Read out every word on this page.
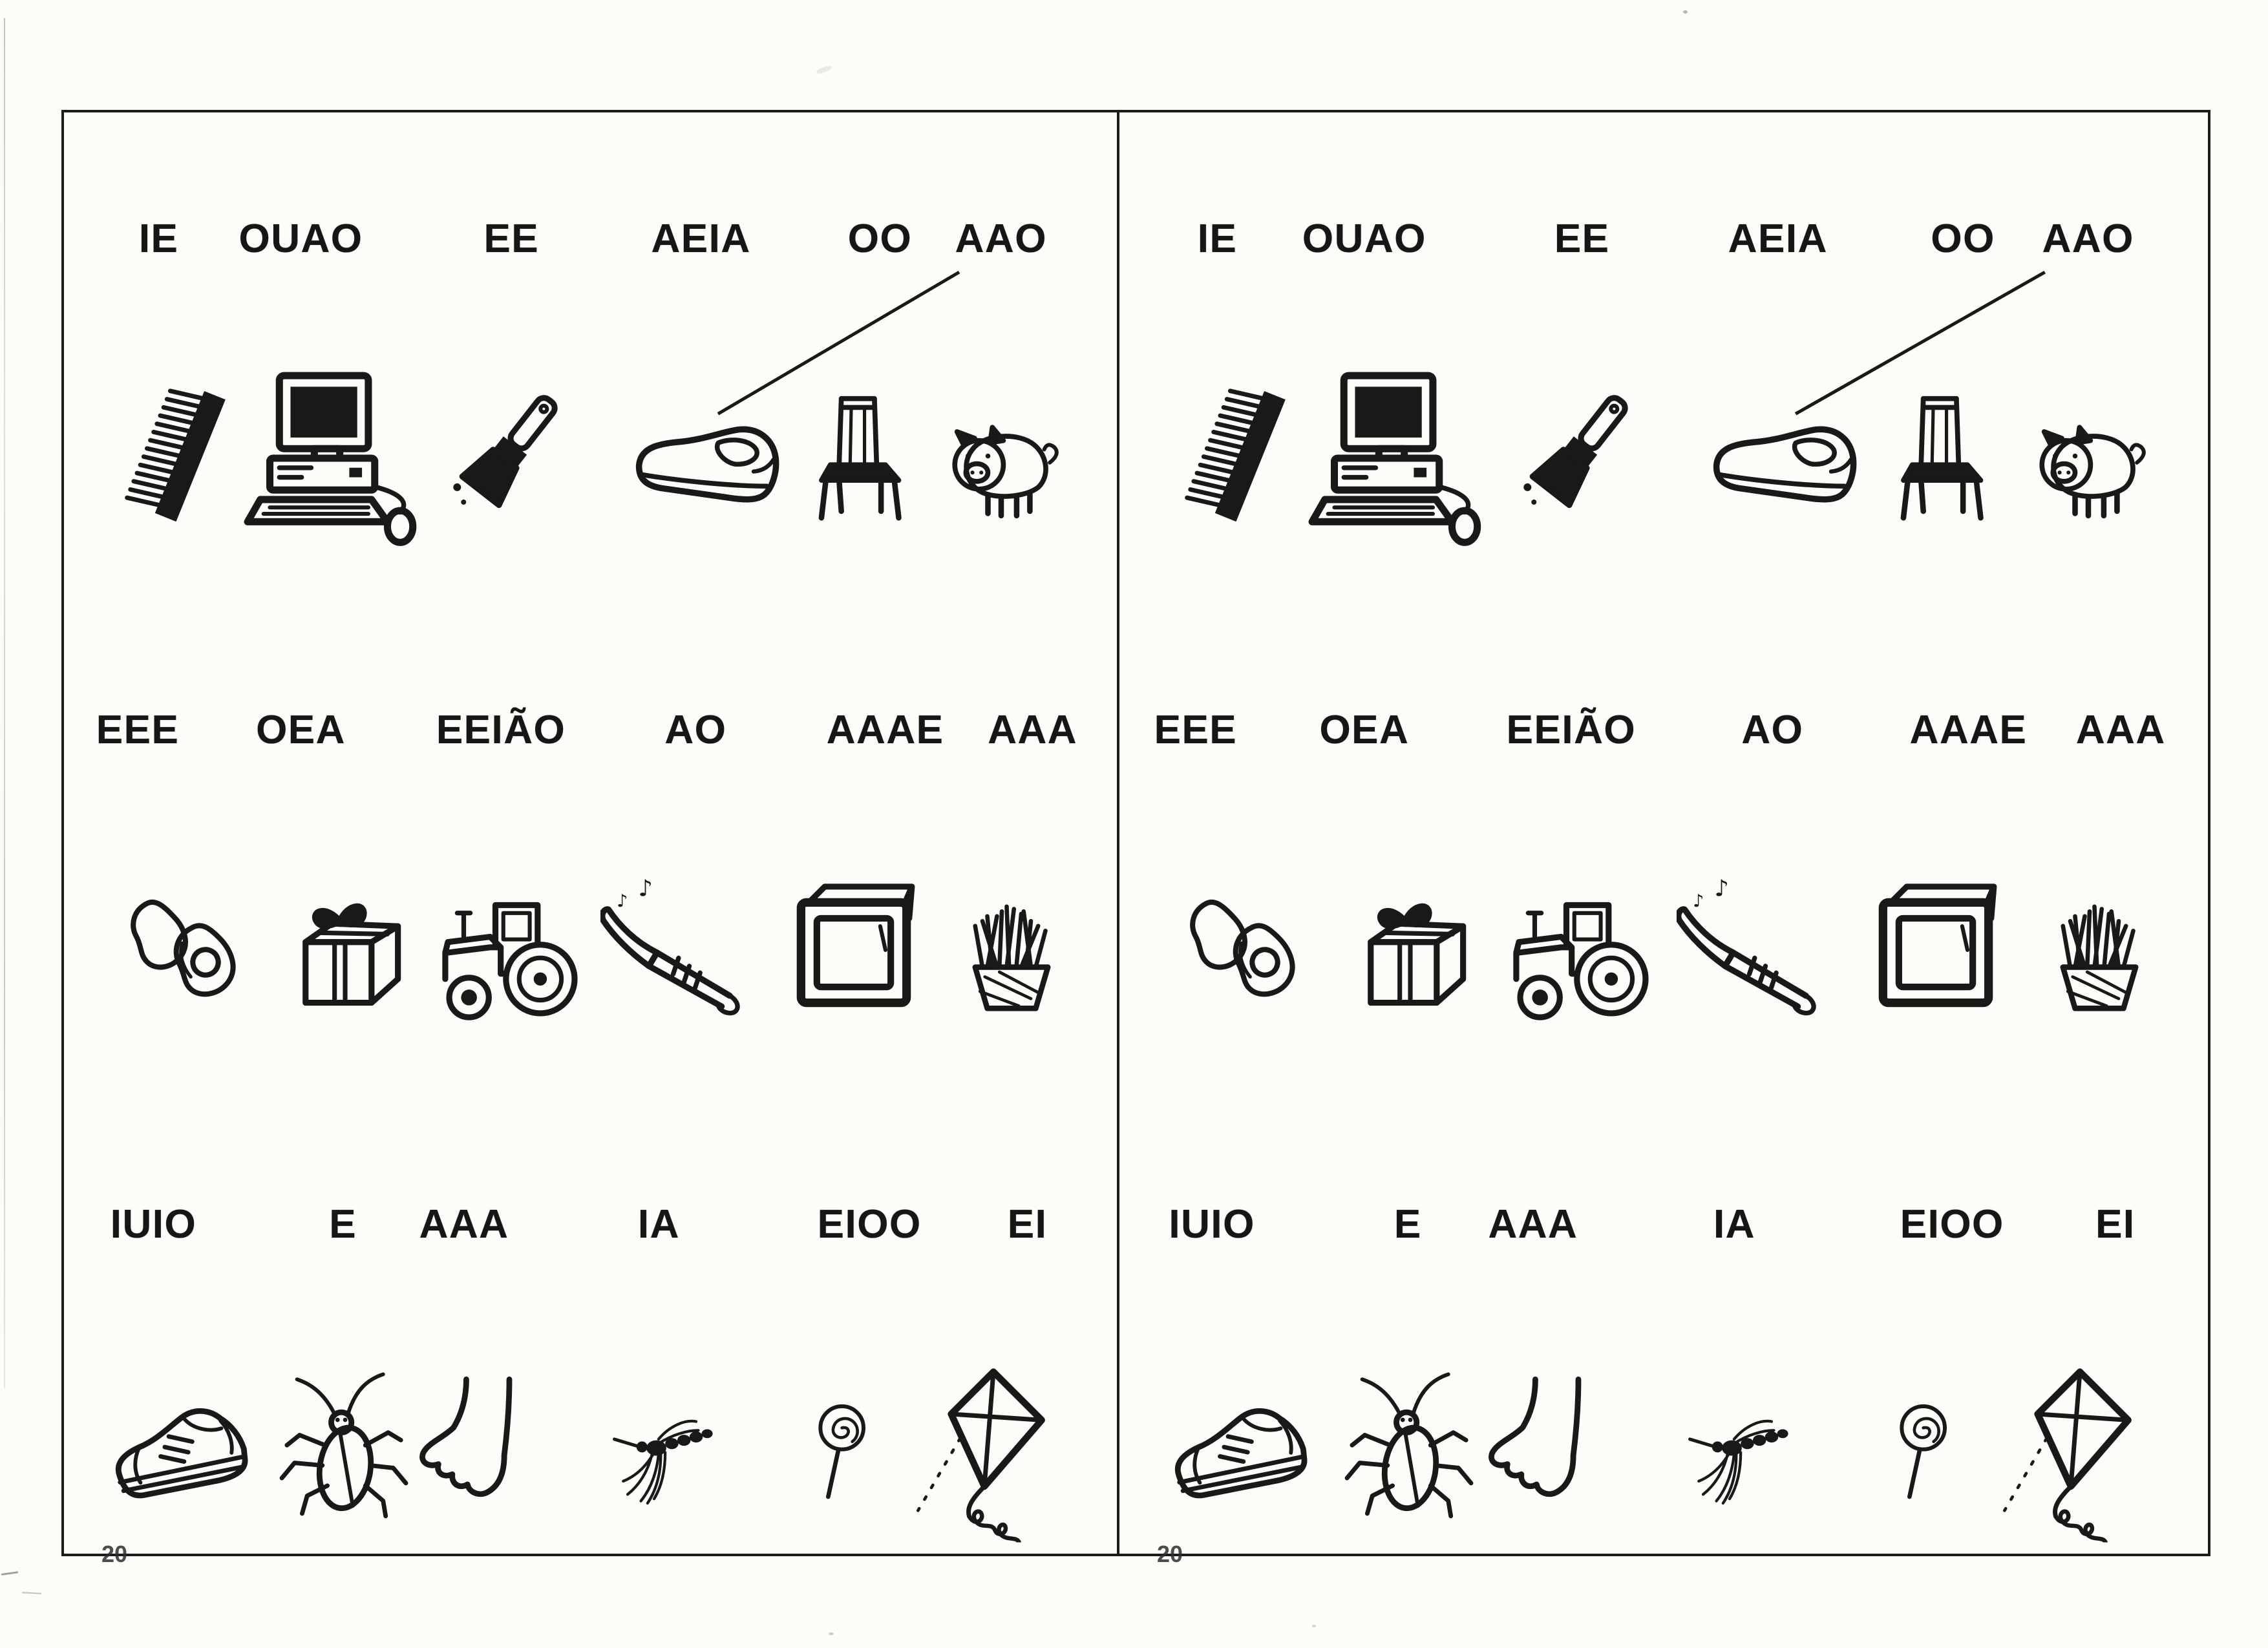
IE OUAO	EE	AEIA OO AAO
EEE OEA EEIÃO AO AAAE AAA
IUIO	E AAA	IA	EIOO EI
20
IE OUAO	EE	AEIA	OO AAO
EEE OEA EEIÃO	AO	AAAE AAA
IUIO	E AAA	IA	EIOO EI
20
